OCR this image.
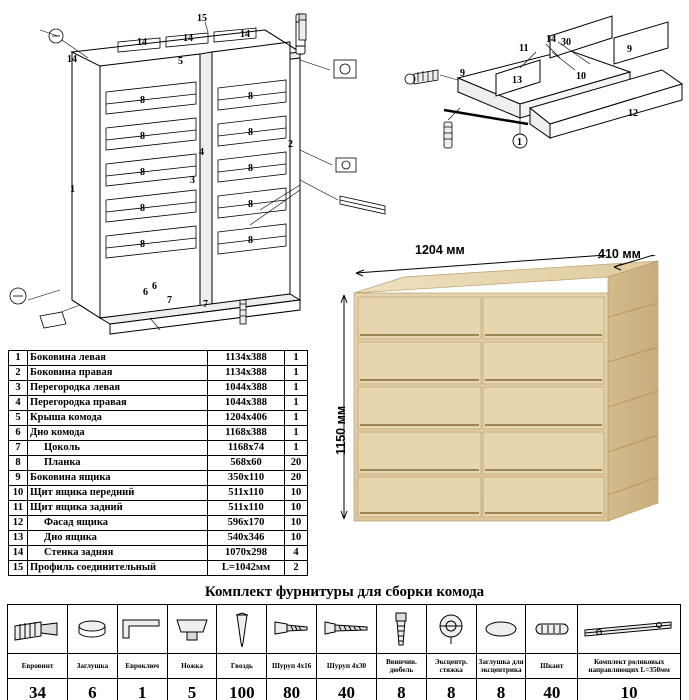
15
14	14	14
14	5
8
8
8
8
8
8
8
8
8
8
1
2
3
4
6
7
6
7
1
11
14 30
9
9
13	10
12
1204 мм	410 мм
1150 мм
1	Боковина левая	1134х388	1
2	Боковина правая	1134х388	1
3	Перегородка левая	1044х388	1
4	Перегородка правая	1044х388	1
5	Крыша комода	1204х406	1
6	Дно комода	1168х388	1
7	Цоколь	1168х74	1
8	Планка	568х60	20
9	Боковина ящика	350х110	20
10	Щит ящика передний	511х110	10
11	Щит ящика задний	511х110	10
12	Фасад ящика	596х170	10
13	Дно ящика	540х346	10
14	Стенка задняя	1070х298	4
15	Профиль соединительный	L=1042мм	2
Комплект фурнитуры для сборки комода

Евровинт	Заглушка	Евроключ	Ножка	Гвоздь	Шуруп 4х16	Шуруп 4х30	Ввинчив. дюбель	Эксцентр. стяжка	Заглушка для эксцентрика	Шкант	Комплект роликовых направляющих L=350мм
34	6	1	5	100	80	40	8	8	8	40	10
